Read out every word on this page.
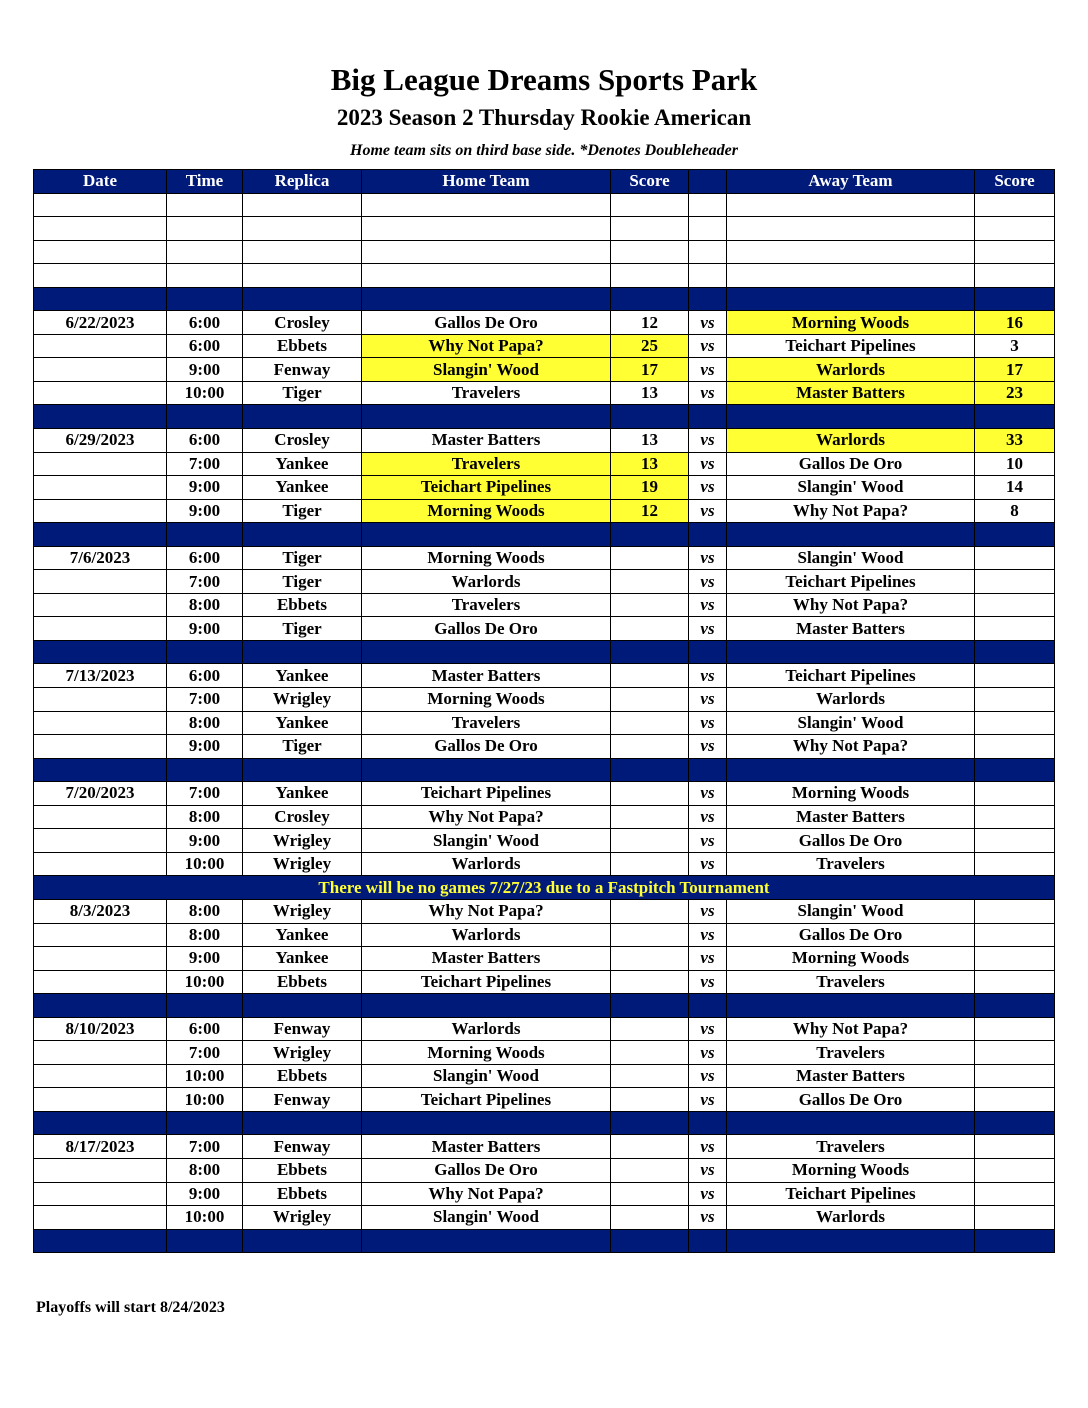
Big League Dreams Sports Park
2023 Season 2 Thursday Rookie American
Home team sits on third base side. *Denotes Doubleheader
Date	Time	Replica	Home Team	Score		Away Team	Score

6/22/2023	6:00	Crosley	Gallos De Oro	12	vs	Morning Woods	16
	6:00	Ebbets	Why Not Papa?	25	vs	Teichart Pipelines	3
	9:00	Fenway	Slangin' Wood	17	vs	Warlords	17
	10:00	Tiger	Travelers	13	vs	Master Batters	23

6/29/2023	6:00	Crosley	Master Batters	13	vs	Warlords	33
	7:00	Yankee	Travelers	13	vs	Gallos De Oro	10
	9:00	Yankee	Teichart Pipelines	19	vs	Slangin' Wood	14
	9:00	Tiger	Morning Woods	12	vs	Why Not Papa?	8

7/6/2023	6:00	Tiger	Morning Woods		vs	Slangin' Wood	
	7:00	Tiger	Warlords		vs	Teichart Pipelines	
	8:00	Ebbets	Travelers		vs	Why Not Papa?	
	9:00	Tiger	Gallos De Oro		vs	Master Batters	

7/13/2023	6:00	Yankee	Master Batters		vs	Teichart Pipelines	
	7:00	Wrigley	Morning Woods		vs	Warlords	
	8:00	Yankee	Travelers		vs	Slangin' Wood	
	9:00	Tiger	Gallos De Oro		vs	Why Not Papa?	

7/20/2023	7:00	Yankee	Teichart Pipelines		vs	Morning Woods	
	8:00	Crosley	Why Not Papa?		vs	Master Batters	
	9:00	Wrigley	Slangin' Wood		vs	Gallos De Oro	
	10:00	Wrigley	Warlords		vs	Travelers	
There will be no games 7/27/23 due to a Fastpitch Tournament							
8/3/2023	8:00	Wrigley	Why Not Papa?		vs	Slangin' Wood	
	8:00	Yankee	Warlords		vs	Gallos De Oro	
	9:00	Yankee	Master Batters		vs	Morning Woods	
	10:00	Ebbets	Teichart Pipelines		vs	Travelers	

8/10/2023	6:00	Fenway	Warlords		vs	Why Not Papa?	
	7:00	Wrigley	Morning Woods		vs	Travelers	
	10:00	Ebbets	Slangin' Wood		vs	Master Batters	
	10:00	Fenway	Teichart Pipelines		vs	Gallos De Oro	

8/17/2023	7:00	Fenway	Master Batters		vs	Travelers	
	8:00	Ebbets	Gallos De Oro		vs	Morning Woods	
	9:00	Ebbets	Why Not Papa?		vs	Teichart Pipelines	
	10:00	Wrigley	Slangin' Wood		vs	Warlords	

Playoffs will start 8/24/2023
